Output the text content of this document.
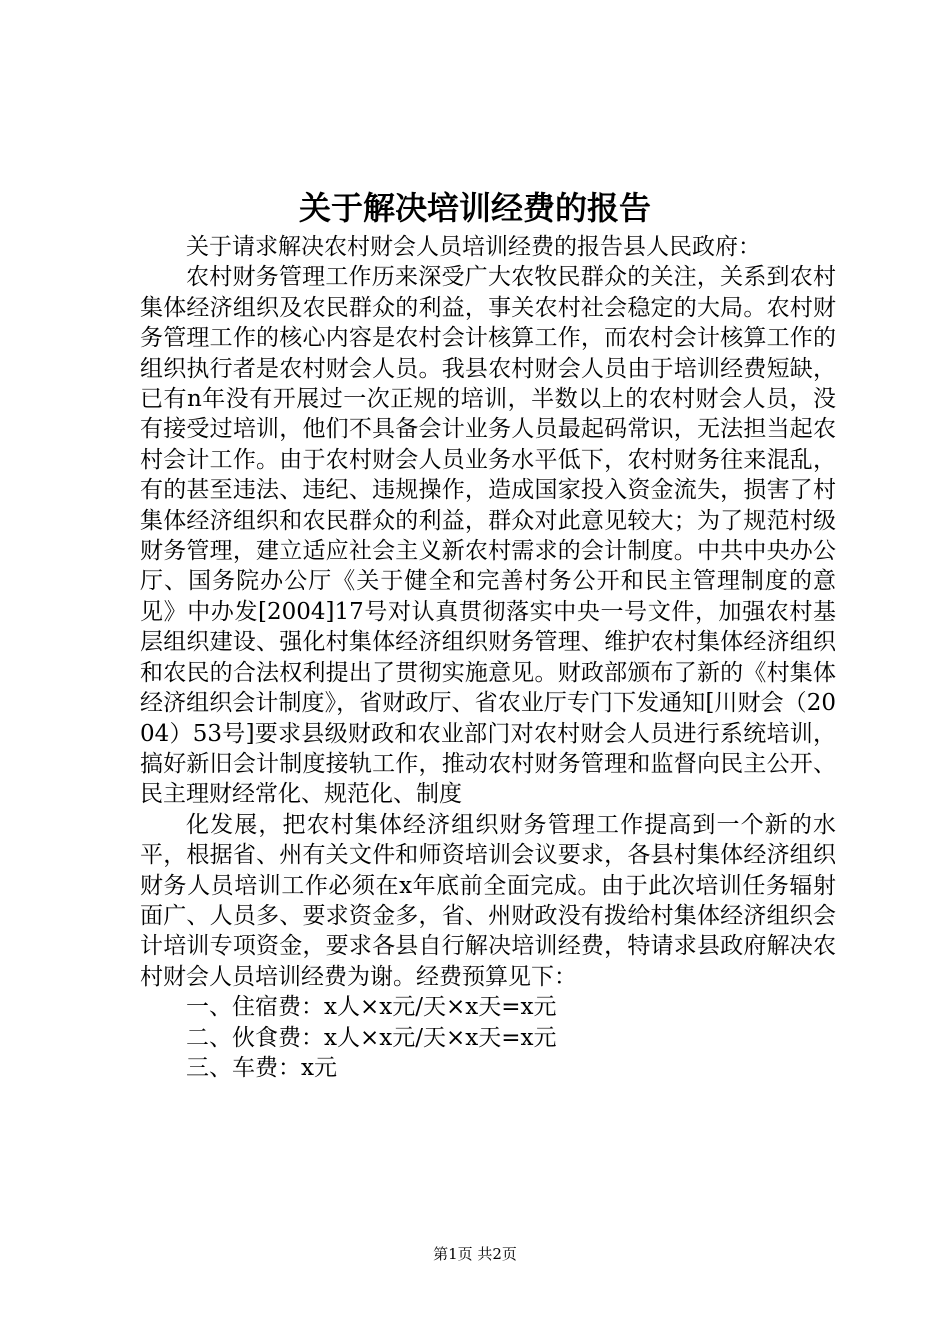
关于解决培训经费的报告

关于请求解决农村财会人员培训经费的报告县人民政府：

农村财务管理工作历来深受广大农牧民群众的关注，关系到农村集体经济组织及农民群众的利益，事关农村社会稳定的大局。农村财务管理工作的核心内容是农村会计核算工作，而农村会计核算工作的组织执行者是农村财会人员。我县农村财会人员由于培训经费短缺，已有n年没有开展过一次正规的培训，半数以上的农村财会人员，没有接受过培训，他们不具备会计业务人员最起码常识，无法担当起农村会计工作。由于农村财会人员业务水平低下，农村财务往来混乱，有的甚至违法、违纪、违规操作，造成国家投入资金流失，损害了村集体经济组织和农民群众的利益，群众对此意见较大；为了规范村级财务管理，建立适应社会主义新农村需求的会计制度。中共中央办公厅、国务院办公厅《关于健全和完善村务公开和民主管理制度的意见》中办发[2004]17号对认真贯彻落实中央一号文件，加强农村基层组织建设、强化村集体经济组织财务管理、维护农村集体经济组织和农民的合法权利提出了贯彻实施意见。财政部颁布了新的《村集体经济组织会计制度》，省财政厅、省农业厅专门下发通知[川财会（2004）53号]要求县级财政和农业部门对农村财会人员进行系统培训，搞好新旧会计制度接轨工作，推动农村财务管理和监督向民主公开、民主理财经常化、规范化、制度

化发展，把农村集体经济组织财务管理工作提高到一个新的水平，根据省、州有关文件和师资培训会议要求，各县村集体经济组织财务人员培训工作必须在x年底前全面完成。由于此次培训任务辐射面广、人员多、要求资金多，省、州财政没有拨给村集体经济组织会计培训专项资金，要求各县自行解决培训经费，特请求县政府解决农村财会人员培训经费为谢。经费预算见下：

一、住宿费：x人×x元/天×x天=x元

二、伙食费：x人×x元/天×x天=x元

三、车费：x元

第1页 共2页
